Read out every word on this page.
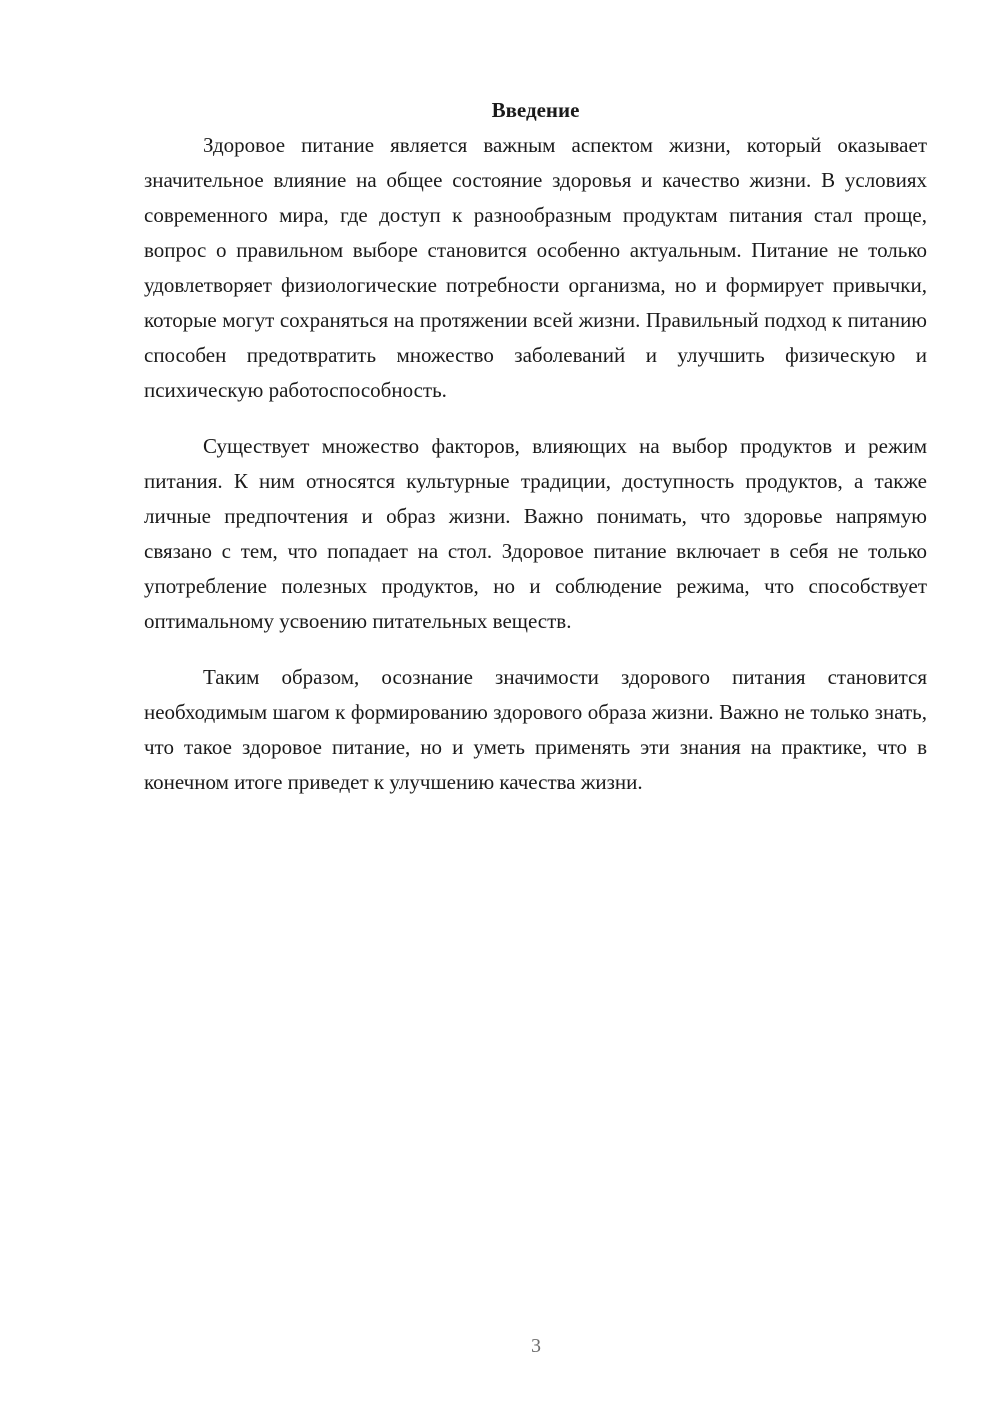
Введение

Здоровое питание является важным аспектом жизни, который оказывает значительное влияние на общее состояние здоровья и качество жизни. В условиях современного мира, где доступ к разнообразным продуктам питания стал проще, вопрос о правильном выборе становится особенно актуальным. Питание не только удовлетворяет физиологические потребности организма, но и формирует привычки, которые могут сохраняться на протяжении всей жизни. Правильный подход к питанию способен предотвратить множество заболеваний и улучшить физическую и психическую работоспособность.

Существует множество факторов, влияющих на выбор продуктов и режим питания. К ним относятся культурные традиции, доступность продуктов, а также личные предпочтения и образ жизни. Важно понимать, что здоровье напрямую связано с тем, что попадает на стол. Здоровое питание включает в себя не только употребление полезных продуктов, но и соблюдение режима, что способствует оптимальному усвоению питательных веществ.

Таким образом, осознание значимости здорового питания становится необходимым шагом к формированию здорового образа жизни. Важно не только знать, что такое здоровое питание, но и уметь применять эти знания на практике, что в конечном итоге приведет к улучшению качества жизни.

3
